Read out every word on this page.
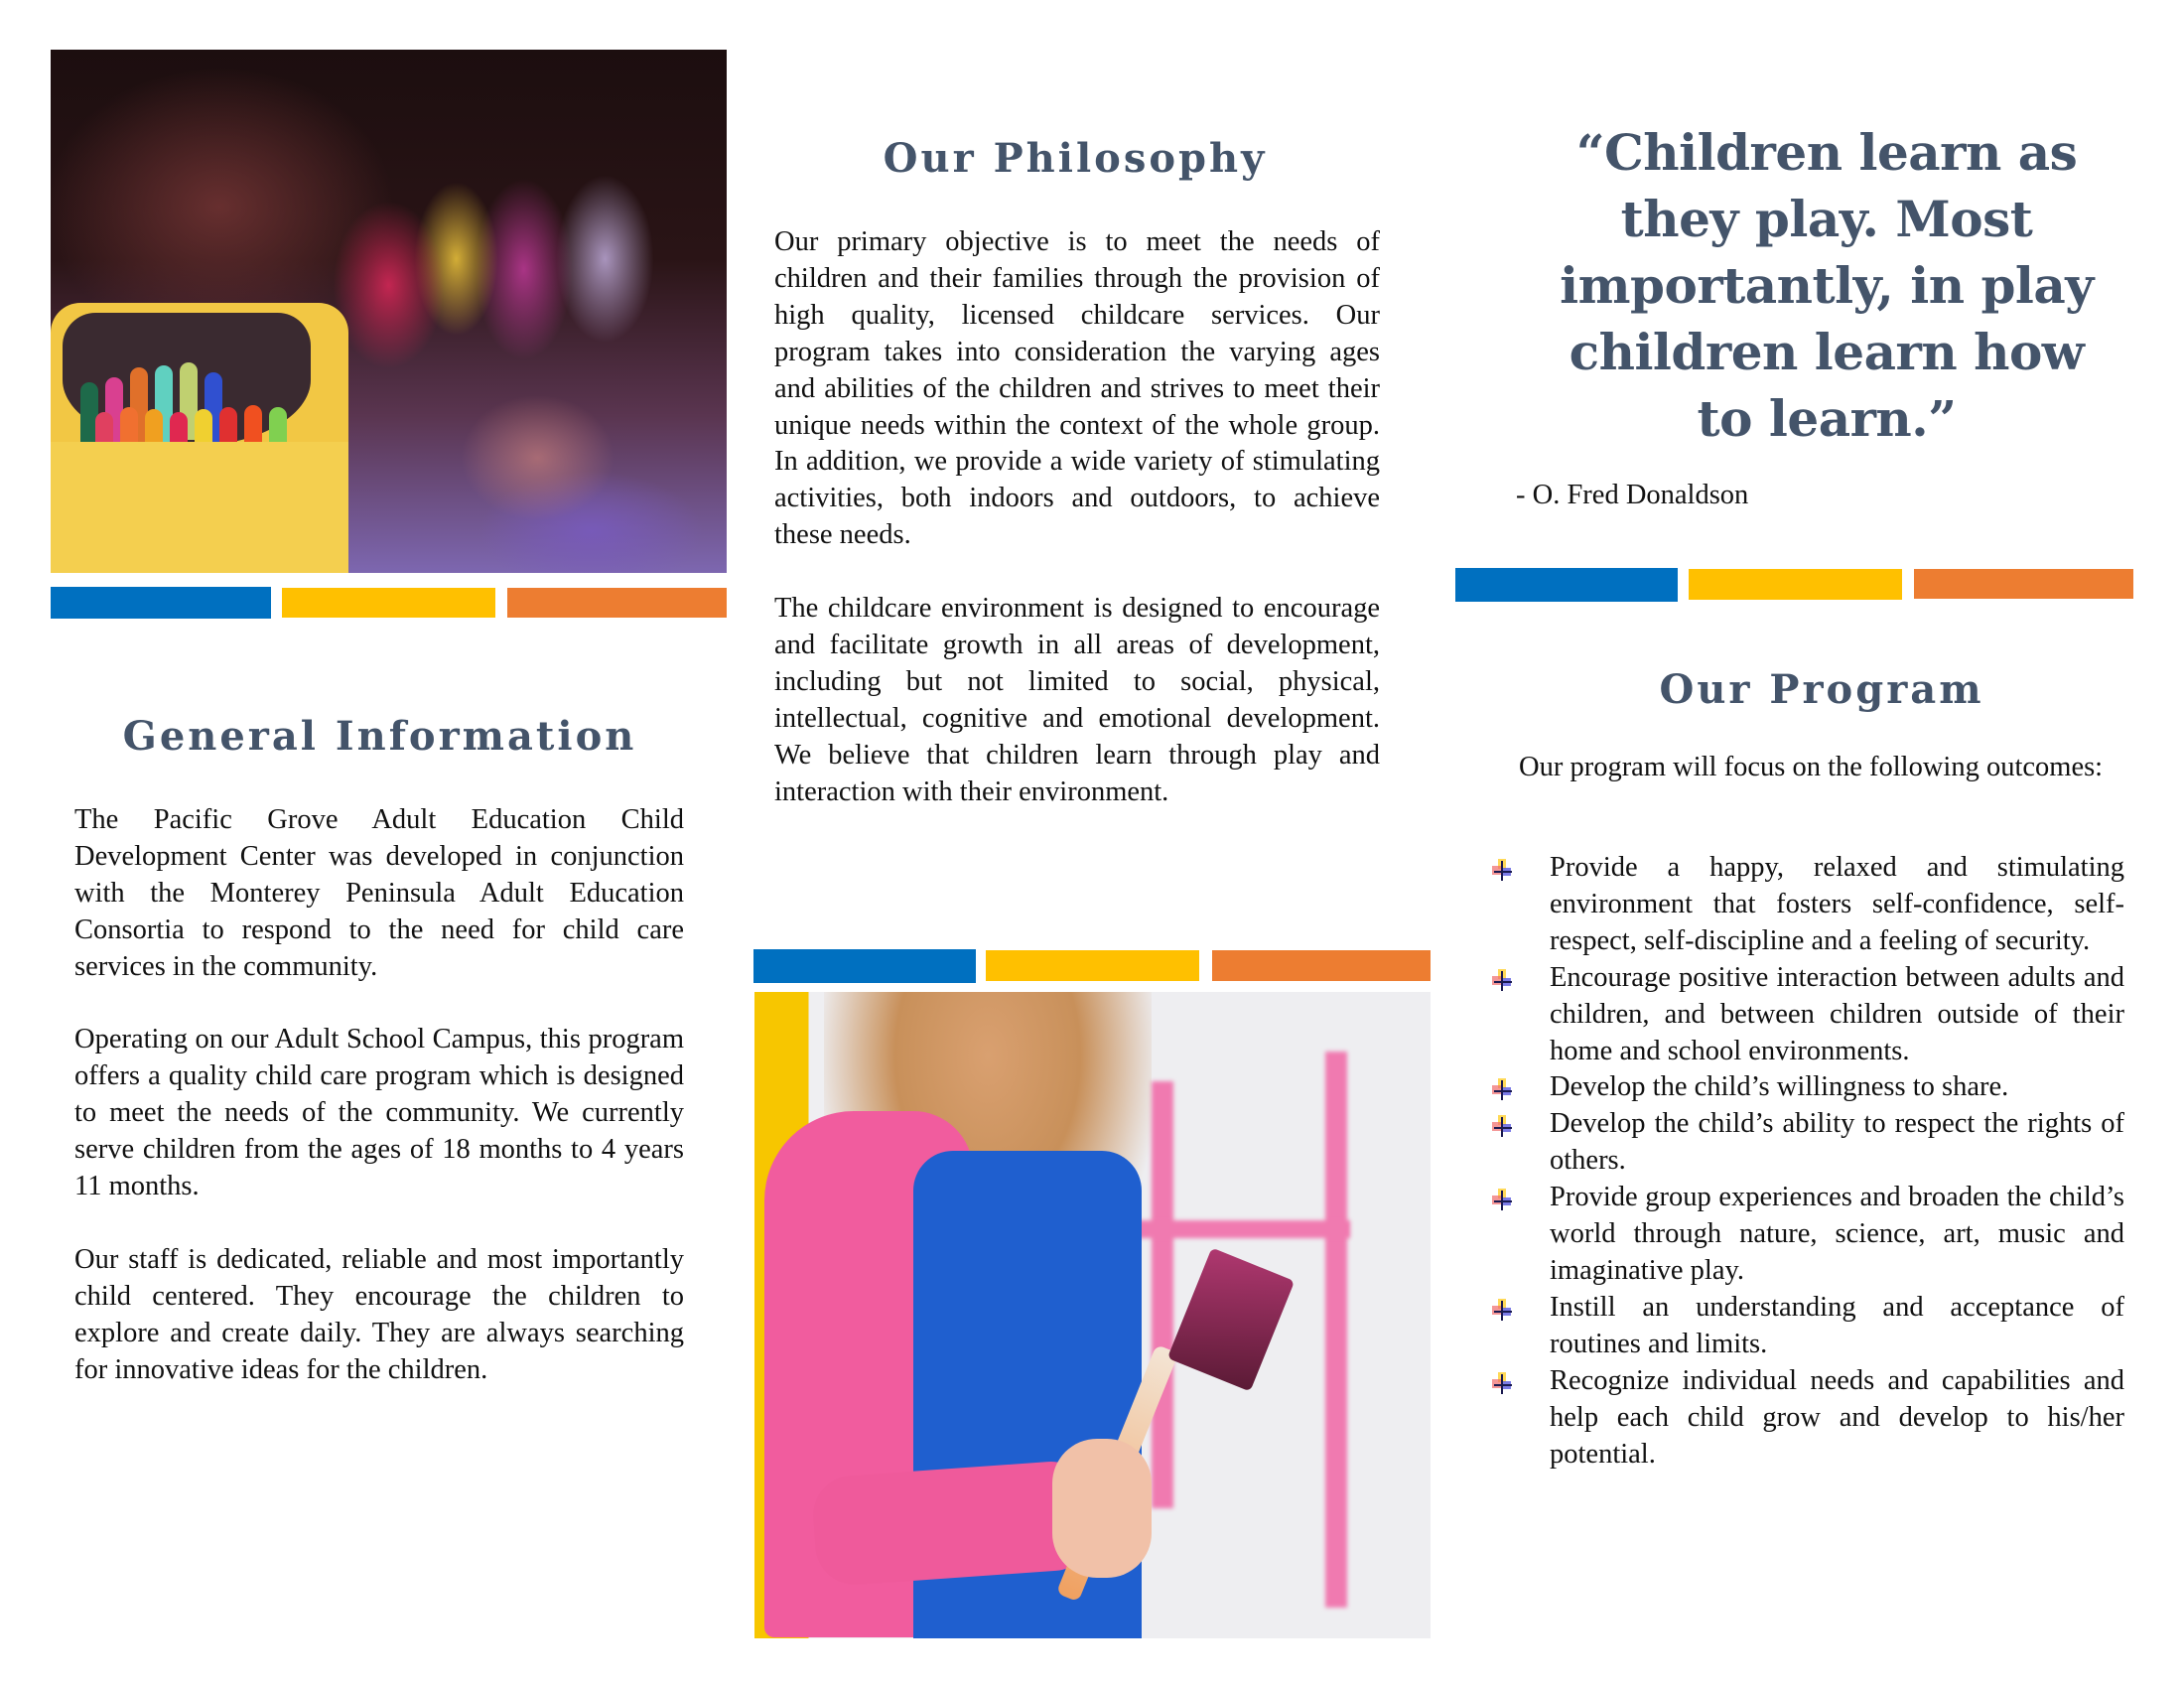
General Information

The Pacific Grove Adult Education Child Development Center was developed in conjunction with the Monterey Peninsula Adult Education Consortia to respond to the need for child care services in the community.

Operating on our Adult School Campus, this program offers a quality child care program which is designed to meet the needs of the community. We currently serve children from the ages of 18 months to 4 years 11 months.

Our staff is dedicated, reliable and most importantly child centered. They encourage the children to explore and create daily. They are always searching for innovative ideas for the children.

Our Philosophy

Our primary objective is to meet the needs of children and their families through the provision of high quality, licensed childcare services. Our program takes into consideration the varying ages and abilities of the children and strives to meet their unique needs within the context of the whole group. In addition, we provide a wide variety of stimulating activities, both indoors and outdoors, to achieve these needs.

The childcare environment is designed to encourage and facilitate growth in all areas of development, including but not limited to social, physical, intellectual, cognitive and emotional development. We believe that children learn through play and interaction with their environment.

“Children learn as
they play. Most
importantly, in play
children learn how
to learn.”
- O. Fred Donaldson
Our Program

Our program will focus on the following outcomes:

Provide a happy, relaxed and stimulating environment that fosters self-confidence, self-respect, self-discipline and a feeling of security.
Encourage positive interaction between adults and children, and between children outside of their home and school environments.
Develop the child’s willingness to share.
Develop the child’s ability to respect the rights of others.
Provide group experiences and broaden the child’s world through nature, science, art, music and imaginative play.
Instill an understanding and acceptance of routines and limits.
Recognize individual needs and capabilities and help each child grow and develop to his/her potential.
